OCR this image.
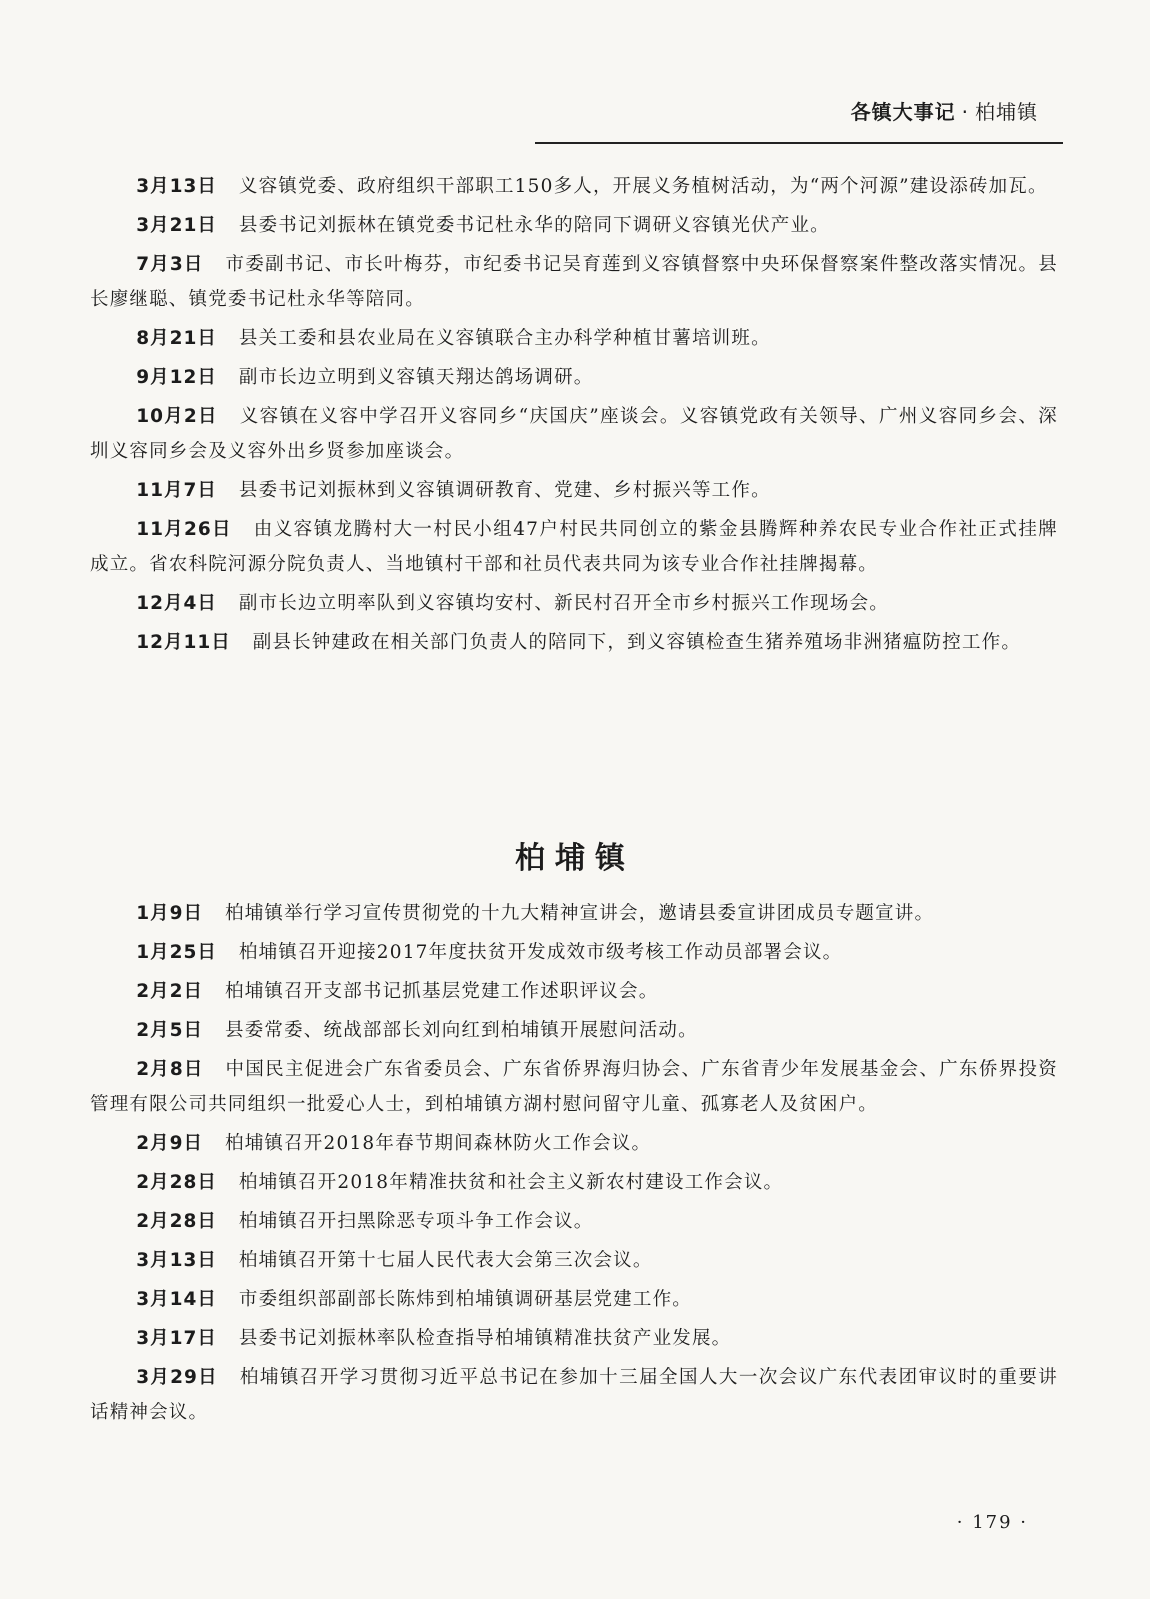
各镇大事记 · 柏埔镇

3月13日 义容镇党委、政府组织干部职工150多人，开展义务植树活动，为“两个河源”建设添砖加瓦。

3月21日 县委书记刘振林在镇党委书记杜永华的陪同下调研义容镇光伏产业。

7月3日 市委副书记、市长叶梅芬，市纪委书记吴育莲到义容镇督察中央环保督察案件整改落实情况。县长廖继聪、镇党委书记杜永华等陪同。

8月21日 县关工委和县农业局在义容镇联合主办科学种植甘薯培训班。

9月12日 副市长边立明到义容镇天翔达鸽场调研。

10月2日 义容镇在义容中学召开义容同乡“庆国庆”座谈会。义容镇党政有关领导、广州义容同乡会、深圳义容同乡会及义容外出乡贤参加座谈会。

11月7日 县委书记刘振林到义容镇调研教育、党建、乡村振兴等工作。

11月26日 由义容镇龙腾村大一村民小组47户村民共同创立的紫金县腾辉种养农民专业合作社正式挂牌成立。省农科院河源分院负责人、当地镇村干部和社员代表共同为该专业合作社挂牌揭幕。

12月4日 副市长边立明率队到义容镇均安村、新民村召开全市乡村振兴工作现场会。

12月11日 副县长钟建政在相关部门负责人的陪同下，到义容镇检查生猪养殖场非洲猪瘟防控工作。

柏埔镇

1月9日 柏埔镇举行学习宣传贯彻党的十九大精神宣讲会，邀请县委宣讲团成员专题宣讲。

1月25日 柏埔镇召开迎接2017年度扶贫开发成效市级考核工作动员部署会议。

2月2日 柏埔镇召开支部书记抓基层党建工作述职评议会。

2月5日 县委常委、统战部部长刘向红到柏埔镇开展慰问活动。

2月8日 中国民主促进会广东省委员会、广东省侨界海归协会、广东省青少年发展基金会、广东侨界投资管理有限公司共同组织一批爱心人士，到柏埔镇方湖村慰问留守儿童、孤寡老人及贫困户。

2月9日 柏埔镇召开2018年春节期间森林防火工作会议。

2月28日 柏埔镇召开2018年精准扶贫和社会主义新农村建设工作会议。

2月28日 柏埔镇召开扫黑除恶专项斗争工作会议。

3月13日 柏埔镇召开第十七届人民代表大会第三次会议。

3月14日 市委组织部副部长陈炜到柏埔镇调研基层党建工作。

3月17日 县委书记刘振林率队检查指导柏埔镇精准扶贫产业发展。

3月29日 柏埔镇召开学习贯彻习近平总书记在参加十三届全国人大一次会议广东代表团审议时的重要讲话精神会议。

· 179 ·
